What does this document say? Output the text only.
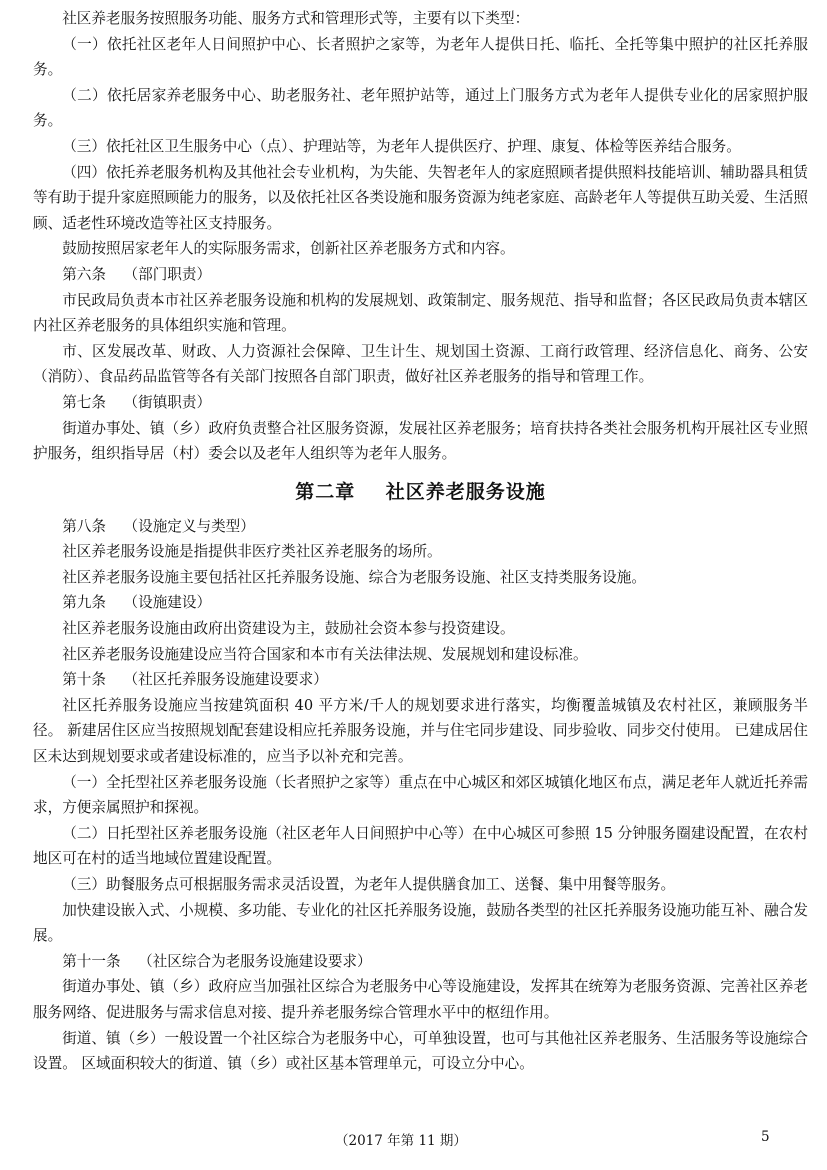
社区养老服务按照服务功能、服务方式和管理形式等，主要有以下类型：

（一）依托社区老年人日间照护中心、长者照护之家等，为老年人提供日托、临托、全托等集中照护的社区托养服务。

（二）依托居家养老服务中心、助老服务社、老年照护站等，通过上门服务方式为老年人提供专业化的居家照护服务。

（三）依托社区卫生服务中心（点）、护理站等，为老年人提供医疗、护理、康复、体检等医养结合服务。

（四）依托养老服务机构及其他社会专业机构，为失能、失智老年人的家庭照顾者提供照料技能培训、辅助器具租赁等有助于提升家庭照顾能力的服务，以及依托社区各类设施和服务资源为纯老家庭、高龄老年人等提供互助关爱、生活照顾、适老性环境改造等社区支持服务。

鼓励按照居家老年人的实际服务需求，创新社区养老服务方式和内容。

第六条 （部门职责）

市民政局负责本市社区养老服务设施和机构的发展规划、政策制定、服务规范、指导和监督；各区民政局负责本辖区内社区养老服务的具体组织实施和管理。

市、区发展改革、财政、人力资源社会保障、卫生计生、规划国土资源、工商行政管理、经济信息化、商务、公安（消防）、食品药品监管等各有关部门按照各自部门职责，做好社区养老服务的指导和管理工作。

第七条 （街镇职责）

街道办事处、镇（乡）政府负责整合社区服务资源，发展社区养老服务；培育扶持各类社会服务机构开展社区专业照护服务，组织指导居（村）委会以及老年人组织等为老年人服务。

第二章 社区养老服务设施
第八条 （设施定义与类型）

社区养老服务设施是指提供非医疗类社区养老服务的场所。

社区养老服务设施主要包括社区托养服务设施、综合为老服务设施、社区支持类服务设施。

第九条 （设施建设）

社区养老服务设施由政府出资建设为主，鼓励社会资本参与投资建设。

社区养老服务设施建设应当符合国家和本市有关法律法规、发展规划和建设标准。

第十条 （社区托养服务设施建设要求）

社区托养服务设施应当按建筑面积 40 平方米/千人的规划要求进行落实，均衡覆盖城镇及农村社区，兼顾服务半径。 新建居住区应当按照规划配套建设相应托养服务设施，并与住宅同步建设、同步验收、同步交付使用。 已建成居住区未达到规划要求或者建设标准的，应当予以补充和完善。

（一）全托型社区养老服务设施（长者照护之家等）重点在中心城区和郊区城镇化地区布点，满足老年人就近托养需求，方便亲属照护和探视。

（二）日托型社区养老服务设施（社区老年人日间照护中心等）在中心城区可参照 15 分钟服务圈建设配置，在农村地区可在村的适当地域位置建设配置。

（三）助餐服务点可根据服务需求灵活设置，为老年人提供膳食加工、送餐、集中用餐等服务。

加快建设嵌入式、小规模、多功能、专业化的社区托养服务设施，鼓励各类型的社区托养服务设施功能互补、融合发展。

第十一条 （社区综合为老服务设施建设要求）

街道办事处、镇（乡）政府应当加强社区综合为老服务中心等设施建设，发挥其在统筹为老服务资源、完善社区养老服务网络、促进服务与需求信息对接、提升养老服务综合管理水平中的枢纽作用。

街道、镇（乡）一般设置一个社区综合为老服务中心，可单独设置，也可与其他社区养老服务、生活服务等设施综合设置。 区域面积较大的街道、镇（乡）或社区基本管理单元，可设立分中心。

（2017 年第 11 期）	5
